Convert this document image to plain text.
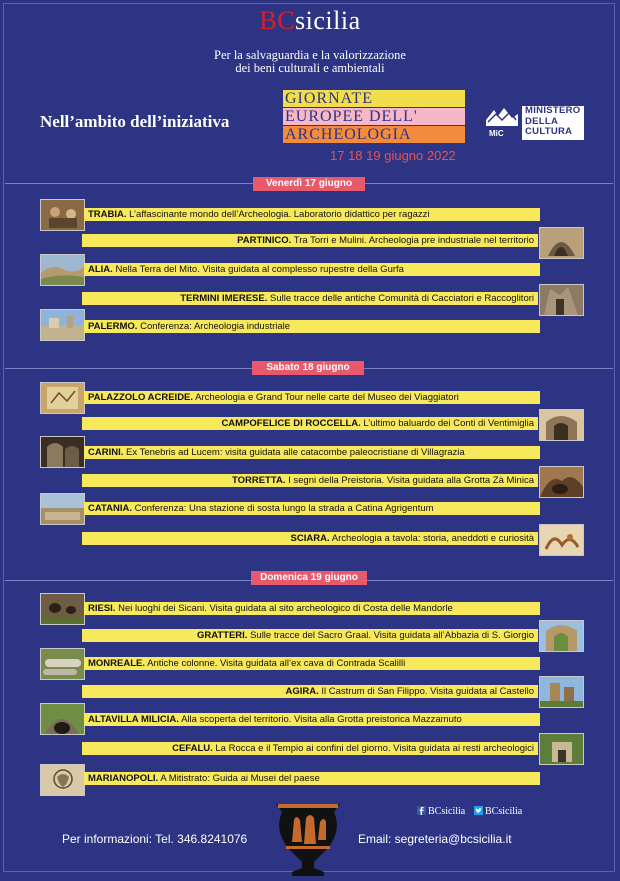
BCsicilia
Per la salvaguardia e la valorizzazione
dei beni culturali e ambientali
Nell’ambito dell’iniziativa
GIORNATE
EUROPEE DELL'
ARCHEOLOGIA
17 18 19 giugno 2022
MiC
MINISTERO
DELLA
CULTURA
Venerdì 17 giugno
TRABIA. L’affascinante mondo dell’Archeologia. Laboratorio didattico per ragazzi
PARTINICO. Tra Torri e Mulini. Archeologia pre industriale nel territorio
ALIA. Nella Terra del Mito. Visita guidata al complesso rupestre della Gurfa
TERMINI IMERESE. Sulle tracce delle antiche Comunità di Cacciatori e Raccoglitori
PALERMO. Conferenza: Archeologia industriale
Sabato 18 giugno
PALAZZOLO ACREIDE. Archeologia e Grand Tour nelle carte del Museo dei Viaggiatori
CAMPOFELICE DI ROCCELLA. L’ultimo baluardo dei Conti di Ventimiglia
CARINI. Ex Tenebris ad Lucem: visita guidata alle catacombe paleocristiane di Villagrazia
TORRETTA. I segni della Preistoria. Visita guidata alla Grotta Zà Minica
CATANIA. Conferenza: Una stazione di sosta lungo la strada a Catina Agrigentum
SCIARA. Archeologia a tavola: storia, aneddoti e curiosità
Domenica 19 giugno
RIESI. Nei luoghi dei Sicani. Visita guidata al sito archeologico di Costa delle Mandorle
GRATTERI. Sulle tracce del Sacro Graal. Visita guidata all’Abbazia di S. Giorgio
MONREALE. Antiche colonne. Visita guidata all’ex cava di Contrada Scalilli
AGIRA. Il Castrum di San Filippo. Visita guidata al Castello
ALTAVILLA MILICIA. Alla scoperta del territorio. Visita alla Grotta preistorica Mazzamuto
CEFALU. La Rocca e il Tempio ai confini del giorno. Visita guidata ai resti archeologici
MARIANOPOLI. A Mitistrato: Guida ai Musei del paese
BCsicilia	BCsicilia
Per informazioni: Tel. 346.8241076	Email: segreteria@bcsicilia.it
